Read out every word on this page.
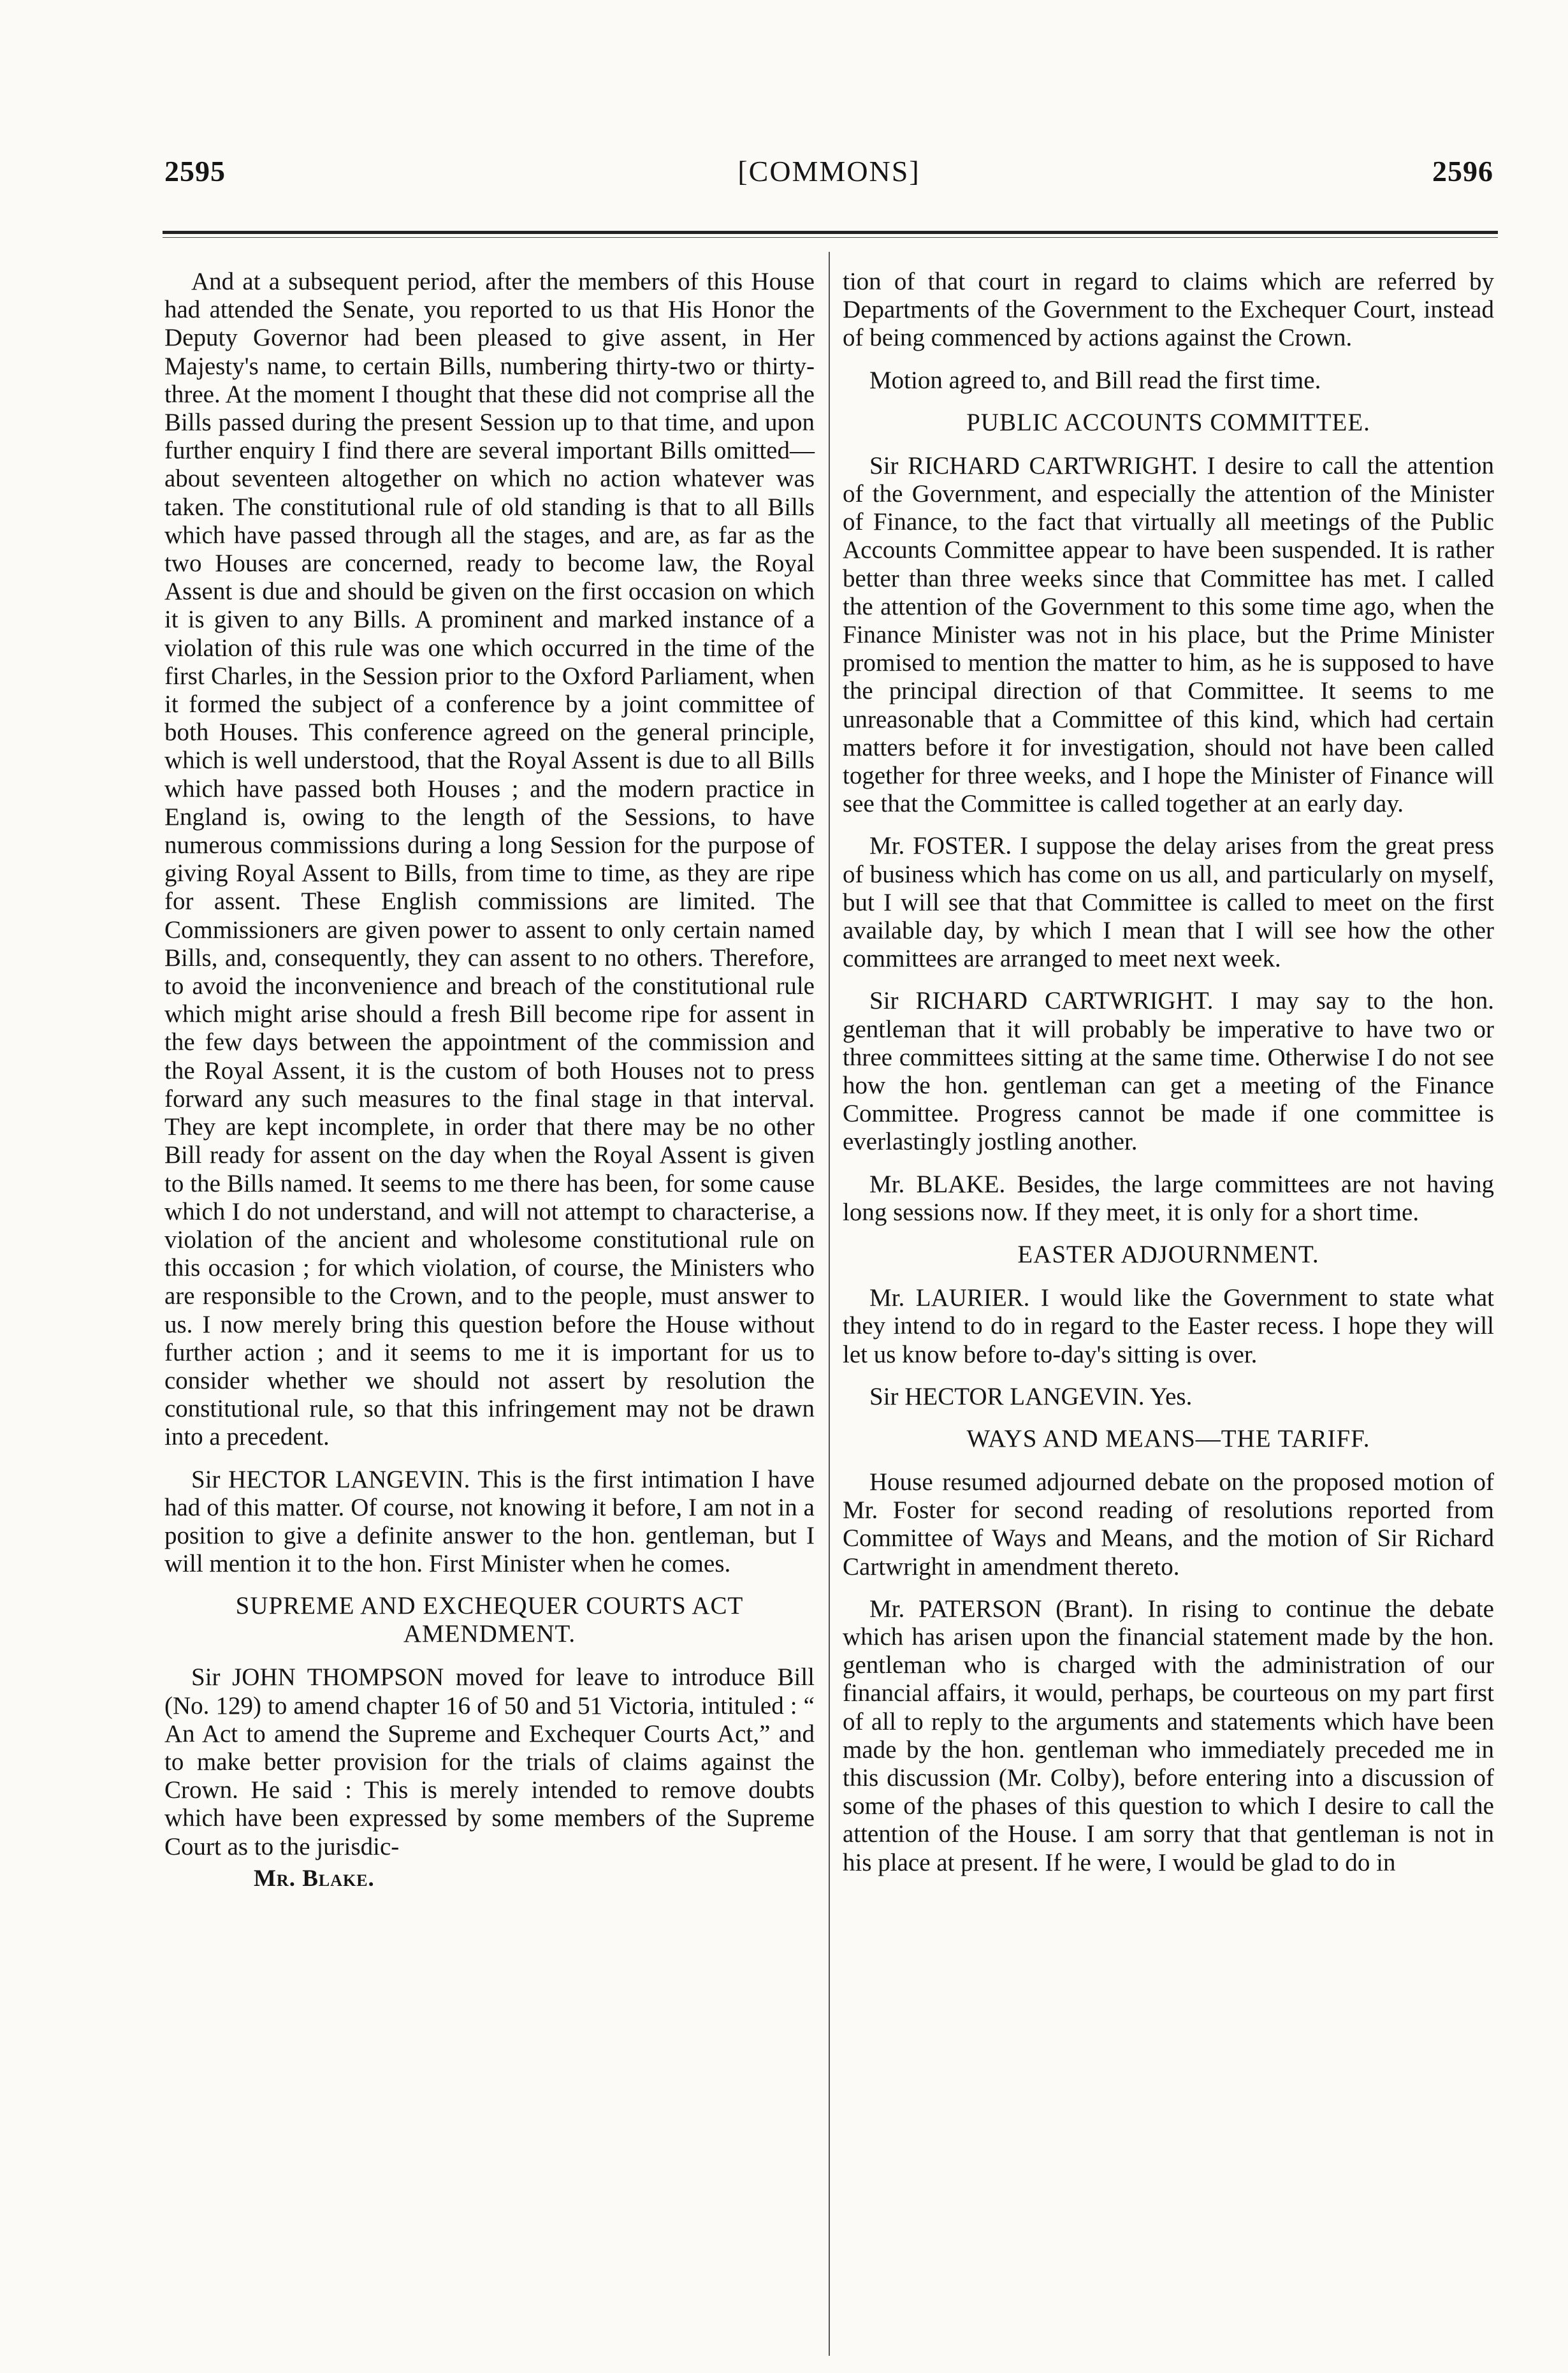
2595	[COMMONS]	2596

And at a subsequent period, after the members of this House had attended the Senate, you reported to us that His Honor the Deputy Governor had been pleased to give assent, in Her Majesty's name, to certain Bills, numbering thirty-two or thirty-three. At the moment I thought that these did not comprise all the Bills passed during the present Session up to that time, and upon further enquiry I find there are several important Bills omitted—about seventeen altogether on which no action whatever was taken. The constitutional rule of old standing is that to all Bills which have passed through all the stages, and are, as far as the two Houses are concerned, ready to become law, the Royal Assent is due and should be given on the first occasion on which it is given to any Bills. A prominent and marked instance of a violation of this rule was one which occurred in the time of the first Charles, in the Session prior to the Oxford Parliament, when it formed the subject of a conference by a joint committee of both Houses. This conference agreed on the general principle, which is well understood, that the Royal Assent is due to all Bills which have passed both Houses ; and the modern practice in England is, owing to the length of the Sessions, to have numerous commissions during a long Session for the purpose of giving Royal Assent to Bills, from time to time, as they are ripe for assent. These English commissions are limited. The Commissioners are given power to assent to only certain named Bills, and, consequently, they can assent to no others. Therefore, to avoid the inconvenience and breach of the constitutional rule which might arise should a fresh Bill become ripe for assent in the few days between the appointment of the commission and the Royal Assent, it is the custom of both Houses not to press forward any such measures to the final stage in that interval. They are kept incomplete, in order that there may be no other Bill ready for assent on the day when the Royal Assent is given to the Bills named. It seems to me there has been, for some cause which I do not understand, and will not attempt to characterise, a violation of the ancient and wholesome constitutional rule on this occasion ; for which violation, of course, the Ministers who are responsible to the Crown, and to the people, must answer to us. I now merely bring this question before the House without further action ; and it seems to me it is important for us to consider whether we should not assert by resolution the constitutional rule, so that this infringement may not be drawn into a precedent.

Sir HECTOR LANGEVIN. This is the first intimation I have had of this matter. Of course, not knowing it before, I am not in a position to give a definite answer to the hon. gentleman, but I will mention it to the hon. First Minister when he comes.

SUPREME AND EXCHEQUER COURTS ACT AMENDMENT.

Sir JOHN THOMPSON moved for leave to introduce Bill (No. 129) to amend chapter 16 of 50 and 51 Victoria, intituled : “ An Act to amend the Supreme and Exchequer Courts Act,” and to make better provision for the trials of claims against the Crown. He said : This is merely intended to remove doubts which have been expressed by some members of the Supreme Court as to the jurisdic-

Mr. Blake.

tion of that court in regard to claims which are referred by Departments of the Government to the Exchequer Court, instead of being commenced by actions against the Crown.

Motion agreed to, and Bill read the first time.

PUBLIC ACCOUNTS COMMITTEE.

Sir RICHARD CARTWRIGHT. I desire to call the attention of the Government, and especially the attention of the Minister of Finance, to the fact that virtually all meetings of the Public Accounts Committee appear to have been suspended. It is rather better than three weeks since that Committee has met. I called the attention of the Government to this some time ago, when the Finance Minister was not in his place, but the Prime Minister promised to mention the matter to him, as he is supposed to have the principal direction of that Committee. It seems to me unreasonable that a Committee of this kind, which had certain matters before it for investigation, should not have been called together for three weeks, and I hope the Minister of Finance will see that the Committee is called together at an early day.

Mr. FOSTER. I suppose the delay arises from the great press of business which has come on us all, and particularly on myself, but I will see that that Committee is called to meet on the first available day, by which I mean that I will see how the other committees are arranged to meet next week.

Sir RICHARD CARTWRIGHT. I may say to the hon. gentleman that it will probably be imperative to have two or three committees sitting at the same time. Otherwise I do not see how the hon. gentleman can get a meeting of the Finance Committee. Progress cannot be made if one committee is everlastingly jostling another.

Mr. BLAKE. Besides, the large committees are not having long sessions now. If they meet, it is only for a short time.

EASTER ADJOURNMENT.

Mr. LAURIER. I would like the Government to state what they intend to do in regard to the Easter recess. I hope they will let us know before to-day's sitting is over.

Sir HECTOR LANGEVIN. Yes.

WAYS AND MEANS—THE TARIFF.

House resumed adjourned debate on the proposed motion of Mr. Foster for second reading of resolutions reported from Committee of Ways and Means, and the motion of Sir Richard Cartwright in amendment thereto.

Mr. PATERSON (Brant). In rising to continue the debate which has arisen upon the financial statement made by the hon. gentleman who is charged with the administration of our financial affairs, it would, perhaps, be courteous on my part first of all to reply to the arguments and statements which have been made by the hon. gentleman who immediately preceded me in this discussion (Mr. Colby), before entering into a discussion of some of the phases of this question to which I desire to call the attention of the House. I am sorry that that gentleman is not in his place at present. If he were, I would be glad to do in
